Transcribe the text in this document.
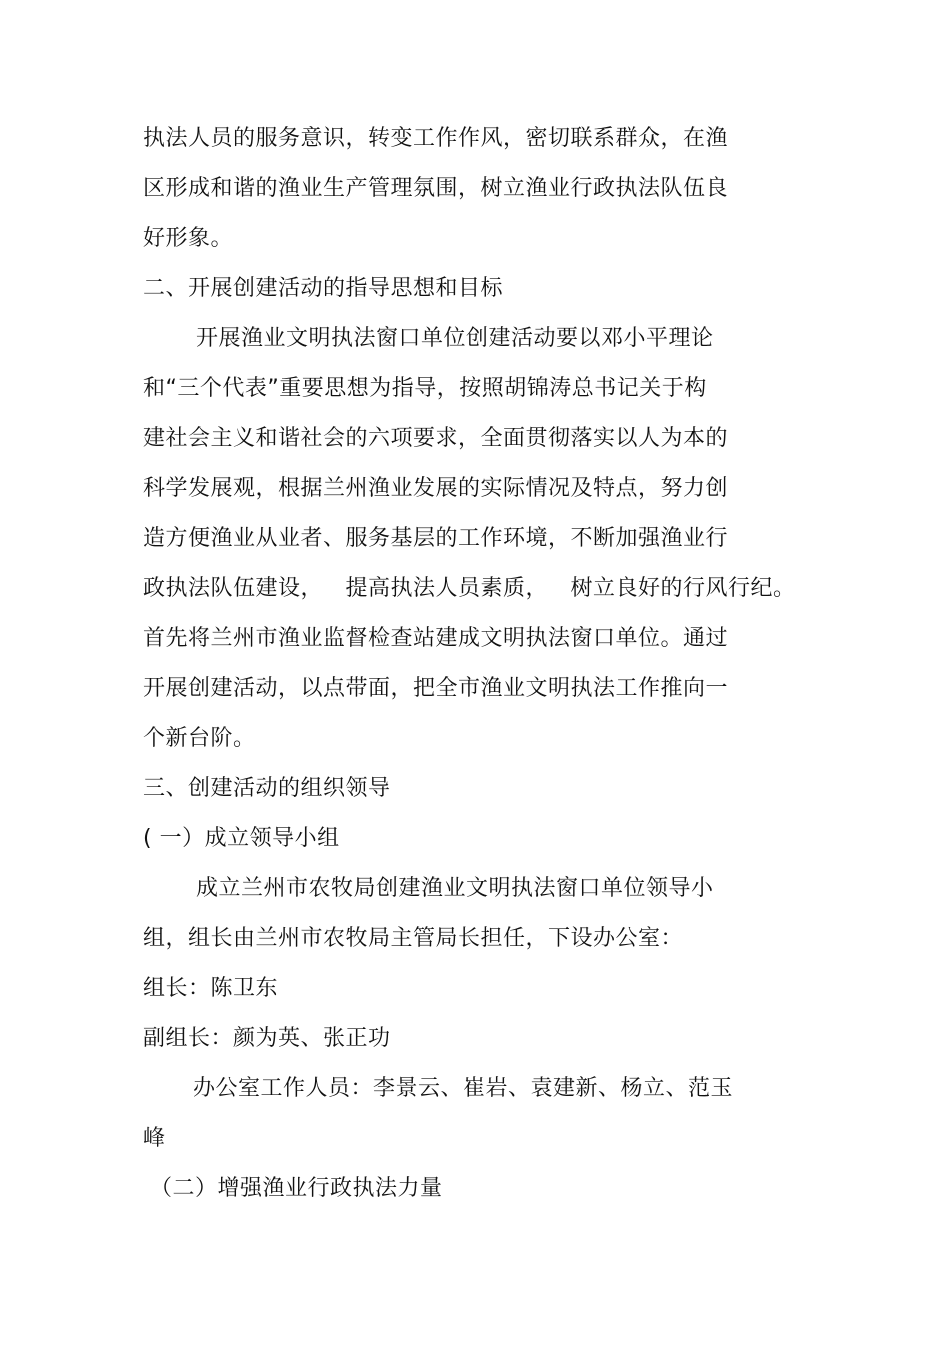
执法人员的服务意识，转变工作作风，密切联系群众，在渔
区形成和谐的渔业生产管理氛围，树立渔业行政执法队伍良
好形象。
二、开展创建活动的指导思想和目标
开展渔业文明执法窗口单位创建活动要以邓小平理论
和“三个代表”重要思想为指导，按照胡锦涛总书记关于构
建社会主义和谐社会的六项要求，全面贯彻落实以人为本的
科学发展观，根据兰州渔业发展的实际情况及特点，努力创
造方便渔业从业者、服务基层的工作环境，不断加强渔业行
政执法队伍建设，   提高执法人员素质，   树立良好的行风行纪。
首先将兰州市渔业监督检查站建成文明执法窗口单位。通过
开展创建活动，以点带面，把全市渔业文明执法工作推向一
个新台阶。
三、创建活动的组织领导
( 一）成立领导小组
成立兰州市农牧局创建渔业文明执法窗口单位领导小
组，组长由兰州市农牧局主管局长担任，下设办公室：
组长：陈卫东
副组长：颜为英、张正功
办公室工作人员：李景云、崔岩、袁建新、杨立、范玉
峰
（二）增强渔业行政执法力量
